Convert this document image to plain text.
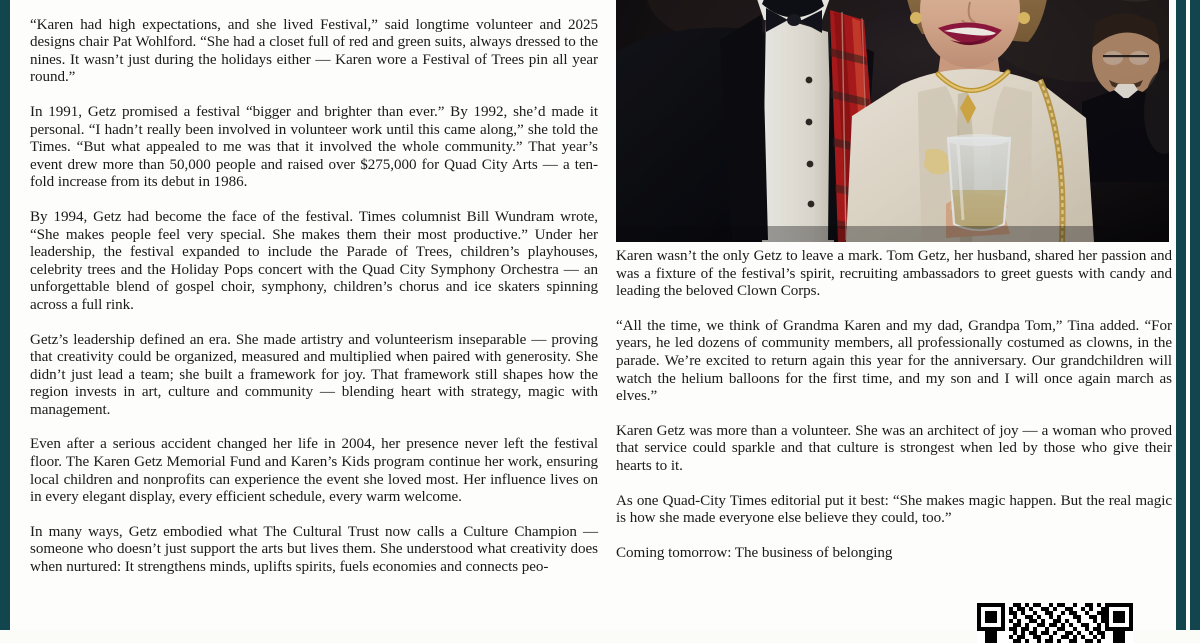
“Karen had high expectations, and she lived Festival,” said longtime volunteer and 2025 designs chair Pat Wohlford. “She had a closet full of red and green suits, always dressed to the nines. It wasn’t just during the holidays either — Karen wore a Festival of Trees pin all year round.”

In 1991, Getz promised a festival “bigger and brighter than ever.” By 1992, she’d made it personal. “I hadn’t really been involved in volunteer work until this came along,” she told the Times. “But what appealed to me was that it involved the whole community.” That year’s event drew more than 50,000 people and raised over $275,000 for Quad City Arts — a ten-fold increase from its debut in 1986.

By 1994, Getz had become the face of the festival. Times columnist Bill Wundram wrote, “She makes people feel very special. She makes them their most productive.” Under her leadership, the festival expanded to include the Parade of Trees, children’s playhouses, celebrity trees and the Holiday Pops concert with the Quad City Symphony Orchestra — an unforgettable blend of gospel choir, symphony, children’s chorus and ice skaters spinning across a full rink.

Getz’s leadership defined an era. She made artistry and volunteerism inseparable — proving that creativity could be organized, measured and multiplied when paired with generosity. She didn’t just lead a team; she built a framework for joy. That framework still shapes how the region invests in art, culture and community — blending heart with strategy, magic with management.

Even after a serious accident changed her life in 2004, her presence never left the festival floor. The Karen Getz Memorial Fund and Karen’s Kids program continue her work, ensuring local children and nonprofits can experience the event she loved most. Her influence lives on in every elegant display, every efficient schedule, every warm welcome.

In many ways, Getz embodied what The Cultural Trust now calls a Culture Champion — someone who doesn’t just support the arts but lives them. She understood what creativity does when nurtured: It strengthens minds, uplifts spirits, fuels economies and connects peo-

Karen wasn’t the only Getz to leave a mark. Tom Getz, her husband, shared her passion and was a fixture of the festival’s spirit, recruiting ambassadors to greet guests with candy and leading the beloved Clown Corps.

“All the time, we think of Grandma Karen and my dad, Grandpa Tom,” Tina added. “For years, he led dozens of community members, all professionally costumed as clowns, in the parade. We’re excited to return again this year for the anniversary. Our grandchildren will watch the helium balloons for the first time, and my son and I will once again march as elves.”

Karen Getz was more than a volunteer. She was an architect of joy — a woman who proved that service could sparkle and that culture is strongest when led by those who give their hearts to it.

As one Quad-City Times editorial put it best: “She makes magic happen. But the real magic is how she made everyone else believe they could, too.”

Coming tomorrow: The business of belonging
